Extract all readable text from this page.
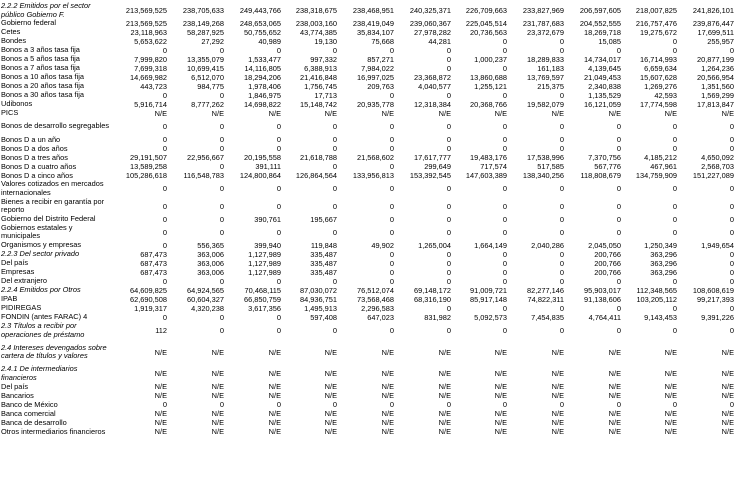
2.2.2 Emitidos por el sector público Gobierno F.	213,569,525	238,705,633	249,443,766	238,318,675	238,468,951	240,325,371	226,709,663	233,827,969	206,597,605	218,007,825	241,826,101
Gobierno federal	213,569,525	238,149,268	248,653,065	238,003,160	238,419,049	239,060,367	225,045,514	231,787,683	204,552,555	216,757,476	239,876,447
Cetes	23,118,963	58,287,925	50,755,652	43,774,385	35,834,107	27,978,282	20,736,563	23,372,679	18,269,718	19,275,672	17,699,511
Bondes	5,653,622	27,292	40,989	19,130	75,668	44,281	0	0	15,085	0	255,957
Bonos a 3 años tasa fija	0	0	0	0	0	0	0	0	0	0	0
Bonos a 5 años tasa fija	7,999,820	13,355,079	1,533,477	997,332	857,271	0	1,000,237	18,289,833	14,734,017	16,714,993	20,877,199
Bonos a 7 años tasa fija	7,699,318	10,699,415	14,116,805	6,388,913	7,984,022	0	0	161,183	4,139,645	6,659,634	1,264,236
Bonos a 10 años tasa fija	14,669,982	6,512,070	18,294,206	21,416,848	16,997,025	23,368,872	13,860,688	13,769,597	21,049,453	15,607,628	20,566,954
Bonos a 20 años tasa fija	443,723	984,775	1,978,406	1,756,745	209,763	4,040,577	1,255,121	215,375	2,340,838	1,269,276	1,351,560
Bonos a 30 años tasa fija	0	0	1,846,975	17,713	0	0	0	0	1,135,529	42,593	1,569,299
Udibonos	5,916,714	8,777,262	14,698,822	15,148,742	20,935,778	12,318,384	20,368,766	19,582,079	16,121,059	17,774,598	17,813,847
PICS	N/E	N/E	N/E	N/E	N/E	N/E	N/E	N/E	N/E	N/E	N/E
Bonos de desarrollo segregables	0	0	0	0	0	0	0	0	0	0	0
Bonos D a un año	0	0	0	0	0	0	0	0	0	0	0
Bonos D a dos años	0	0	0	0	0	0	0	0	0	0	0
Bonos D a tres años	29,191,507	22,956,667	20,195,558	21,618,788	21,568,602	17,617,777	19,483,176	17,538,996	7,370,756	4,185,212	4,650,092
Bonos D a cuatro años	13,589,258	0	391,111	0	0	299,649	717,574	517,585	567,776	467,961	2,568,703
Bonos D a cinco años	105,286,618	116,548,783	124,800,864	126,864,564	133,956,813	153,392,545	147,603,389	138,340,256	118,808,679	134,759,909	151,227,089
Valores cotizados en mercados internacionales	0	0	0	0	0	0	0	0	0	0	0
Bienes a recibir en garantía por reporto	0	0	0	0	0	0	0	0	0	0	0
Gobierno del Distrito Federal	0	0	390,761	195,667	0	0	0	0	0	0	0
Gobiernos estatales y municipales	0	0	0	0	0	0	0	0	0	0	0
Organismos y empresas	0	556,365	399,940	119,848	49,902	1,265,004	1,664,149	2,040,286	2,045,050	1,250,349	1,949,654
2.2.3 Del sector privado	687,473	363,006	1,127,989	335,487	0	0	0	0	200,766	363,296	0
Del país	687,473	363,006	1,127,989	335,487	0	0	0	0	200,766	363,296	0
Empresas	687,473	363,006	1,127,989	335,487	0	0	0	0	200,766	363,296	0
Del extranjero	0	0	0	0	0	0	0	0	0	0	0
2.2.4 Emitidos por Otros	64,609,825	64,924,565	70,468,115	87,030,072	76,512,074	69,148,172	91,009,721	82,277,146	95,903,017	112,348,565	108,608,619
IPAB	62,690,508	60,604,327	66,850,759	84,936,751	73,568,468	68,316,190	85,917,148	74,822,311	91,138,606	103,205,112	99,217,393
PIDIREGAS	1,919,317	4,320,238	3,617,356	1,495,913	2,296,583	0	0	0	0	0	0
FONDIN (antes FARAC) 4	0	0	0	597,408	647,023	831,982	5,092,573	7,454,835	4,764,411	9,143,453	9,391,226
2.3 Títulos a recibir por operaciones de préstamo	112	0	0	0	0	0	0	0	0	0	0
2.4 Intereses devengados sobre cartera de títulos y valores	N/E	N/E	N/E	N/E	N/E	N/E	N/E	N/E	N/E	N/E	N/E
2.4.1 De intermediarios financieros	N/E	N/E	N/E	N/E	N/E	N/E	N/E	N/E	N/E	N/E	N/E
Del país	N/E	N/E	N/E	N/E	N/E	N/E	N/E	N/E	N/E	N/E	N/E
Bancarios	N/E	N/E	N/E	N/E	N/E	N/E	N/E	N/E	N/E	N/E	N/E
Banco de México	0	0	0	0	0	0	0	0	0	0	0
Banca comercial	N/E	N/E	N/E	N/E	N/E	N/E	N/E	N/E	N/E	N/E	N/E
Banca de desarrollo	N/E	N/E	N/E	N/E	N/E	N/E	N/E	N/E	N/E	N/E	N/E
Otros intermediarios financieros	N/E	N/E	N/E	N/E	N/E	N/E	N/E	N/E	N/E	N/E	N/E
